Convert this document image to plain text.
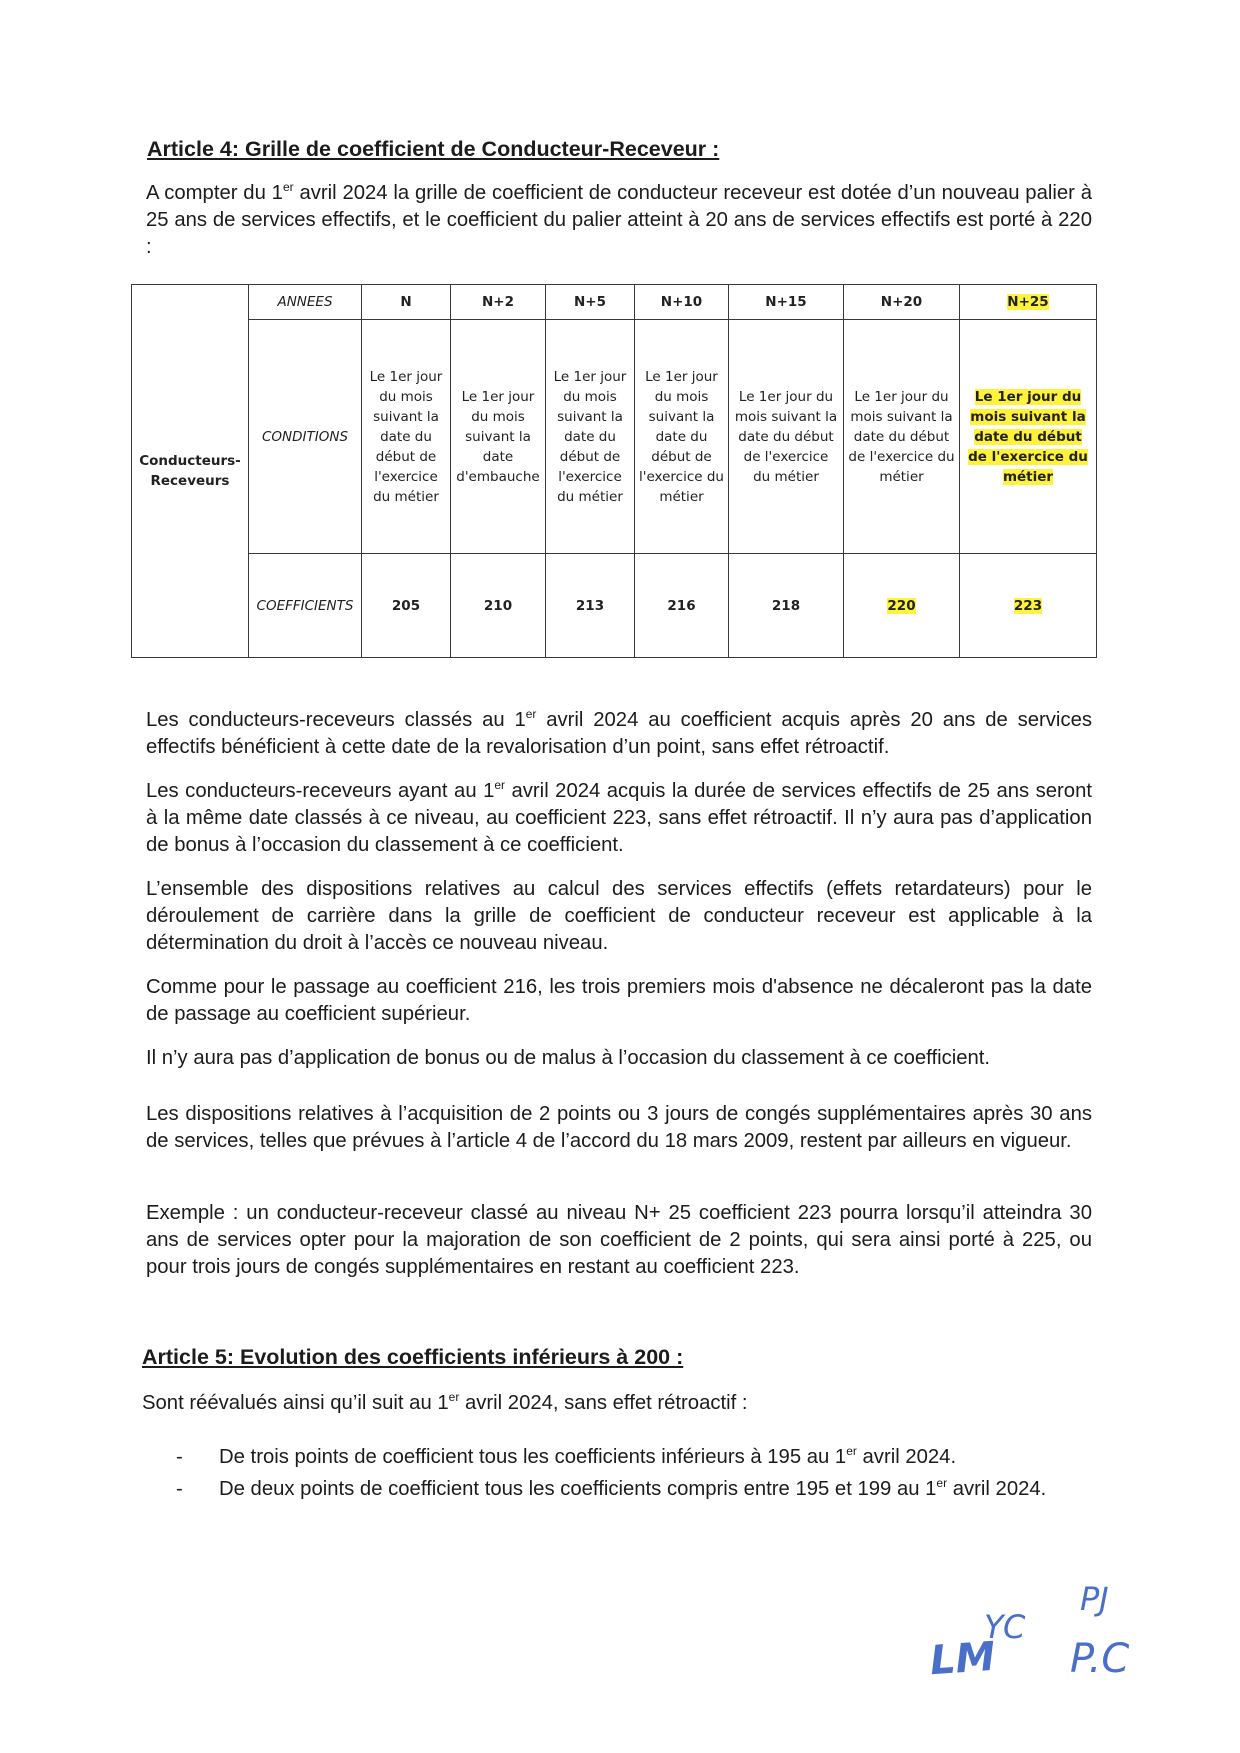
Article 4: Grille de coefficient de Conducteur-Receveur :

A compter du 1er avril 2024 la grille de coefficient de conducteur receveur est dotée d’un nouveau palier à 25 ans de services effectifs, et le coefficient du palier atteint à 20 ans de services effectifs est porté à 220 :

Conducteurs-Receveurs	ANNEES	N	N+2	N+5	N+10	N+15	N+20	N+25
	CONDITIONS	Le 1er jour du mois suivant la date du début de l'exercice du métier	Le 1er jour du mois suivant la date d'embauche	Le 1er jour du mois suivant la date du début de l'exercice du métier	Le 1er jour du mois suivant la date du début de l'exercice du métier	Le 1er jour du mois suivant la date du début de l'exercice du métier	Le 1er jour du mois suivant la date du début de l'exercice du métier	Le 1er jour du mois suivant la date du début de l'exercice du métier
	COEFFICIENTS	205	210	213	216	218	220	223

Les conducteurs-receveurs classés au 1er avril 2024 au coefficient acquis après 20 ans de services effectifs bénéficient à cette date de la revalorisation d’un point, sans effet rétroactif.

Les conducteurs-receveurs ayant au 1er avril 2024 acquis la durée de services effectifs de 25 ans seront à la même date classés à ce niveau, au coefficient 223, sans effet rétroactif. Il n’y aura pas d’application de bonus à l’occasion du classement à ce coefficient.

L’ensemble des dispositions relatives au calcul des services effectifs (effets retardateurs) pour le déroulement de carrière dans la grille de coefficient de conducteur receveur est applicable à la détermination du droit à l’accès ce nouveau niveau.

Comme pour le passage au coefficient 216, les trois premiers mois d'absence ne décaleront pas la date de passage au coefficient supérieur.

Il n’y aura pas d’application de bonus ou de malus à l’occasion du classement à ce coefficient.

Les dispositions relatives à l’acquisition de 2 points ou 3 jours de congés supplémentaires après 30 ans de services, telles que prévues à l’article 4 de l’accord du 18 mars 2009, restent par ailleurs en vigueur.

Exemple : un conducteur-receveur classé au niveau N+ 25 coefficient 223 pourra lorsqu’il atteindra 30 ans de services opter pour la majoration de son coefficient de 2 points, qui sera ainsi porté à 225, ou pour trois jours de congés supplémentaires en restant au coefficient 223.

Article 5: Evolution des coefficients inférieurs à 200 :

Sont réévalués ainsi qu’il suit au 1er avril 2024, sans effet rétroactif :

- De trois points de coefficient tous les coefficients inférieurs à 195 au 1er avril 2024.
- De deux points de coefficient tous les coefficients compris entre 195 et 199 au 1er avril 2024.
LM
YC
PJ
P.C
